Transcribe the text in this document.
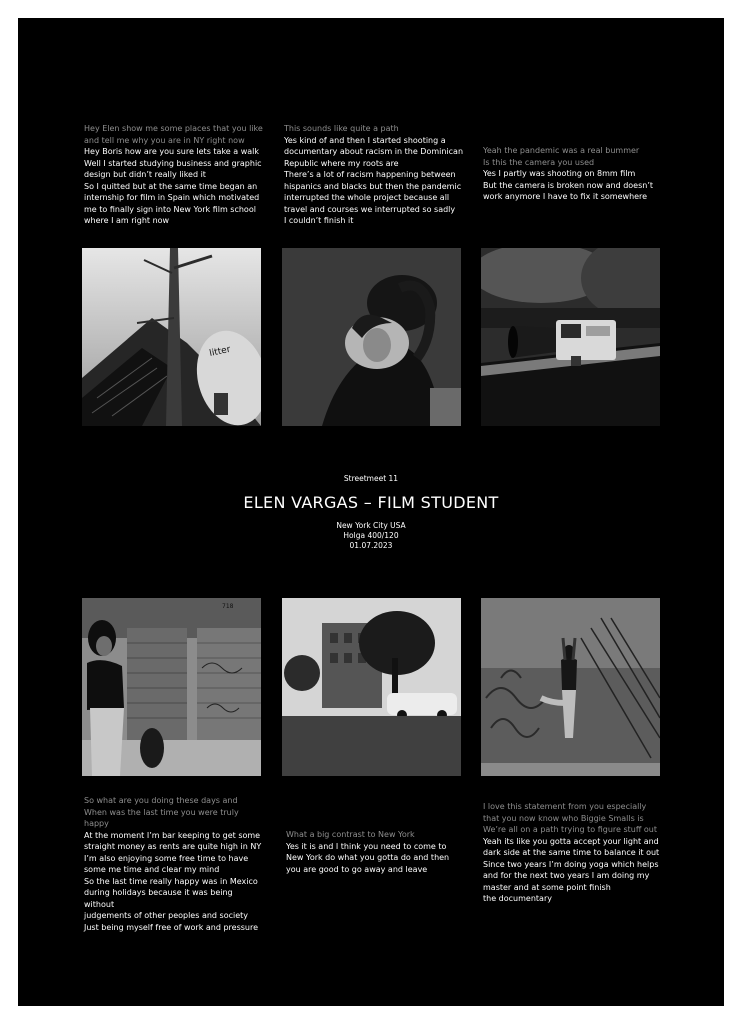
Hey Elen show me some places that you like

and tell me why you are in NY right now

Hey Boris how are you sure lets take a walk

Well I started studying business and graphic

design but didn’t really liked it

So I quitted but at the same time began an

internship for film in Spain which motivated

me to finally sign into New York film school

where I am right now

This sounds like quite a path

Yes kind of and then I started shooting a

documentary about racism in the Dominican

Republic where my roots are

There’s a lot of racism happening between

hispanics and blacks but then the pandemic

interrupted the whole project because all

travel and courses we interrupted so sadly

I couldn’t finish it

Yeah the pandemic was a real bummer

Is this the camera you used

Yes I partly was shooting on 8mm film

But the camera is broken now and doesn’t

work anymore I have to fix it somewhere

litter
Streetmeet 11
ELEN VARGAS – FILM STUDENT
New York City USA
Holga 400/120
01.07.2023
718

So what are you doing these days and

When was the last time you were truly happy

At the moment I’m bar keeping to get some

straight money as rents are quite high in NY

I’m also enjoying some free time to have

some me time and clear my mind

So the last time really happy was in Mexico

during holidays because it was being without

judgements of other peoples and society

Just being myself free of work and pressure

What a big contrast to New York

Yes it is and I think you need to come to

New York do what you gotta do and then

you are good to go away and leave

I love this statement from you especially

that you now know who Biggie Smalls is

We’re all on a path trying to figure stuff out

Yeah its like you gotta accept your light and

dark side at the same time to balance it out

Since two years I’m doing yoga which helps

and for the next two years I am doing my

master and at some point finish

the documentary
